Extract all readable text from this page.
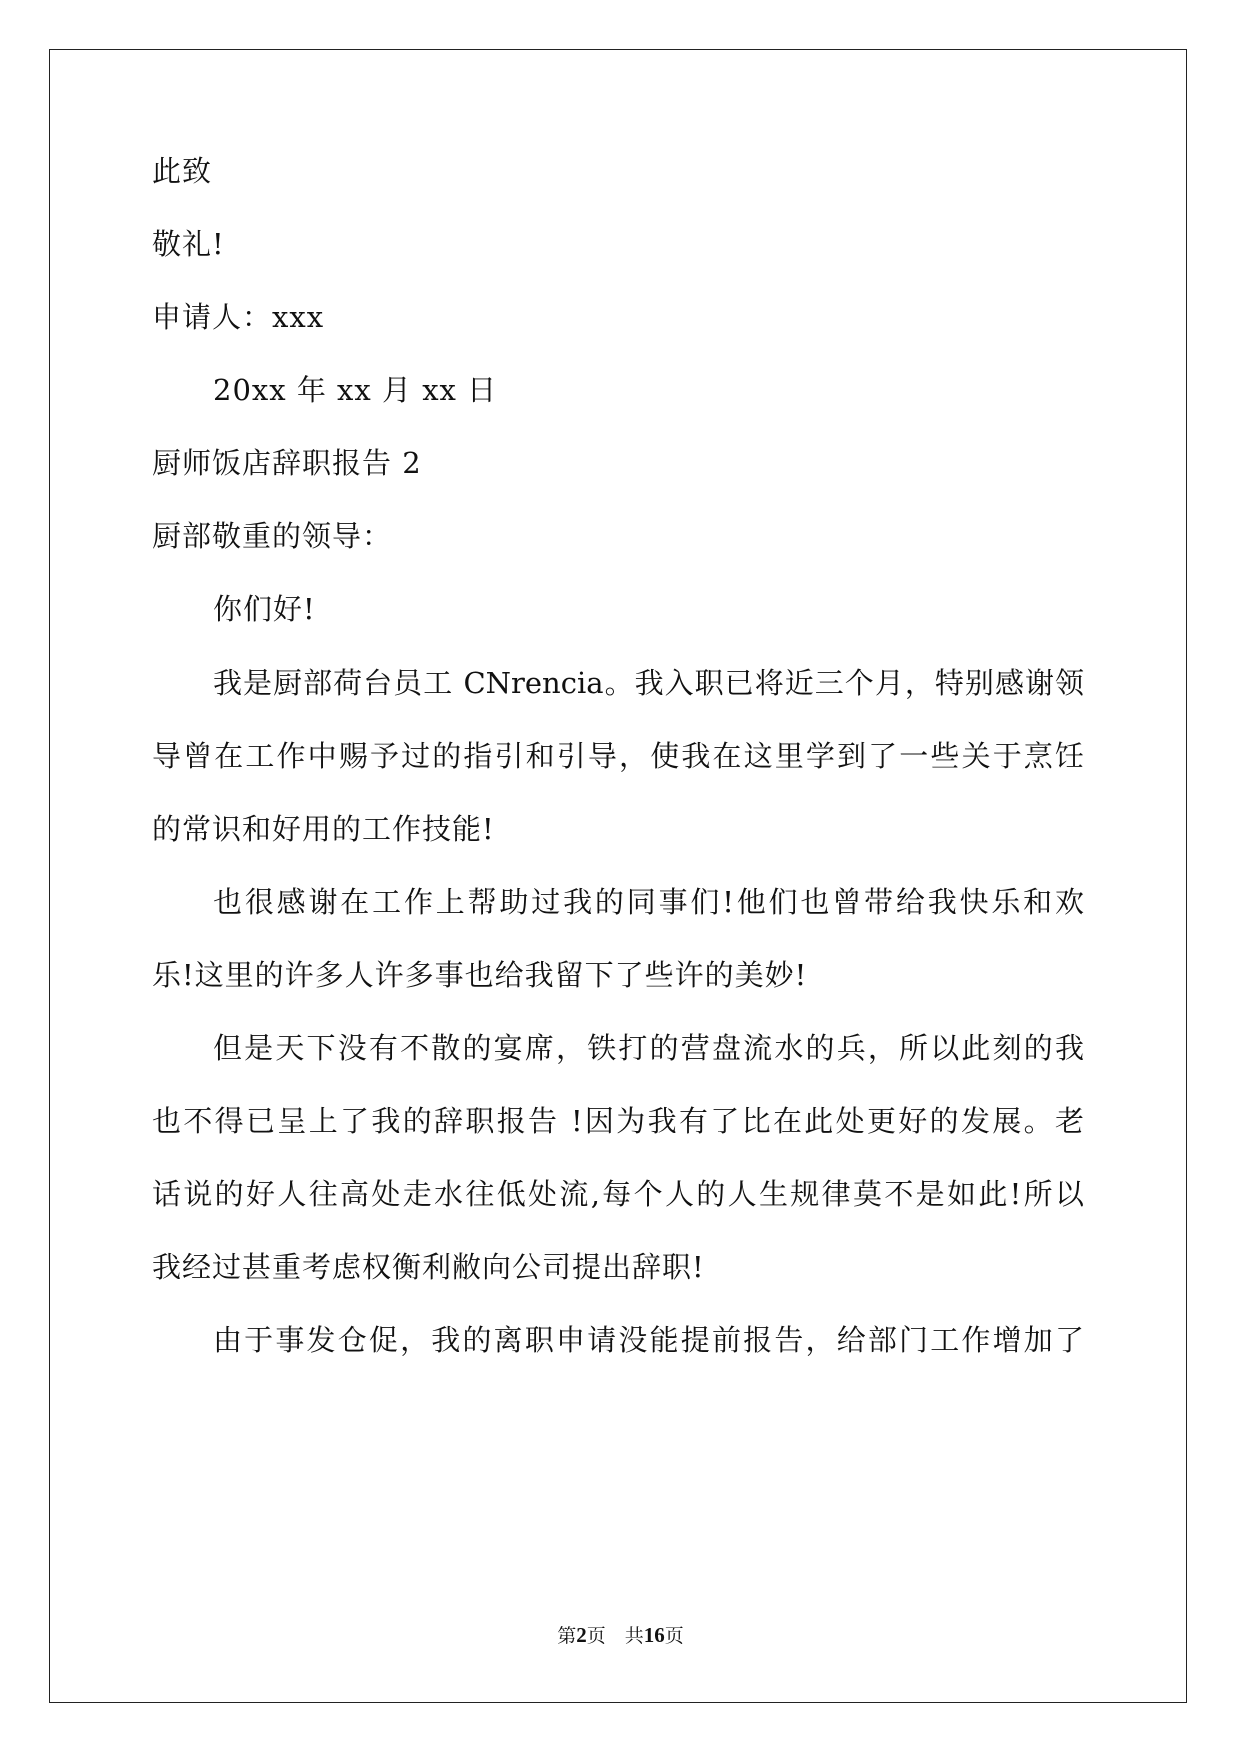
此致
敬礼!
申请人：xxx
20xx 年 xx 月 xx 日
厨师饭店辞职报告 2
厨部敬重的领导：
你们好!
我是厨部荷台员工 CNrencia。我入职已将近三个月，特别感谢领
导曾在工作中赐予过的指引和引导，使我在这里学到了一些关于烹饪
的常识和好用的工作技能!
也很感谢在工作上帮助过我的同事们!他们也曾带给我快乐和欢
乐!这里的许多人许多事也给我留下了些许的美妙!
但是天下没有不散的宴席，铁打的营盘流水的兵，所以此刻的我
也不得已呈上了我的辞职报告 !因为我有了比在此处更好的发展。老
话说的好人往高处走水往低处流,每个人的人生规律莫不是如此!所以
我经过甚重考虑权衡利敝向公司提出辞职!
由于事发仓促，我的离职申请没能提前报告，给部门工作增加了
第2页　共16页
